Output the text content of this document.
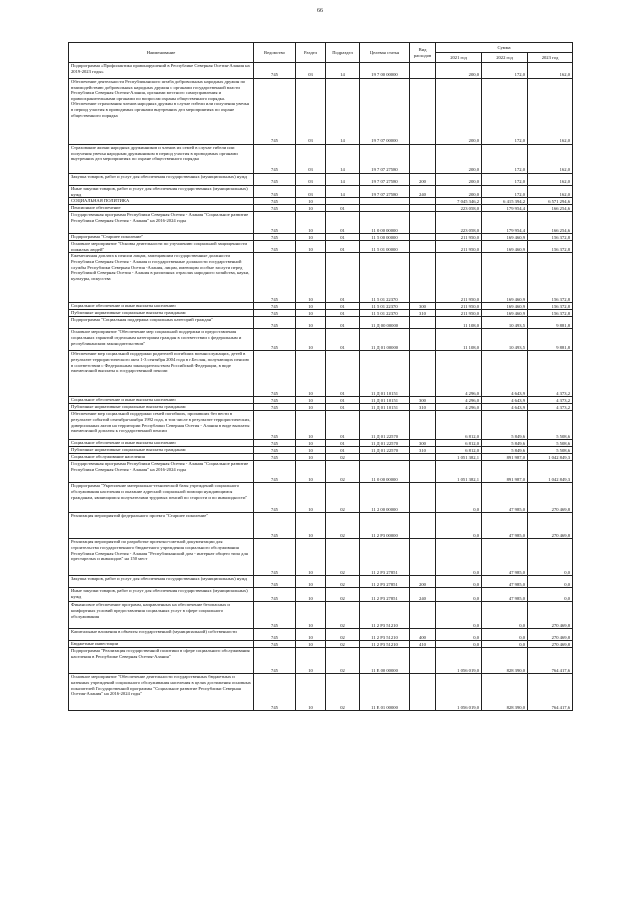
66
Наименование	Ведомство	Раздел	Подраздел	Целевая статья	Вид расходов	Сумма		
						2021 год	2022 год	2023 год
Подпрограмма «Профилактика правонарушений в Республике Северная Осетия-Алания на 2019-2023 годы»	745	03	14	19 7 00 00000		200,0	172,0	162,0
Обеспечение деятельности Республиканского штаба добровольных народных дружин по взаимодействию добровольных народных дружин с органами государственной власти Республики Северная Осетия-Алания, органами местного самоуправления и правоохранительными органами по вопросам охраны общественного порядка. Обеспечение страхования членов народных дружин в случае гибели или получения увечья в период участия в проводимых органами внутренних дел мероприятиях по охране общественного порядка	745	03	14	19 7 07 00000		200,0	172,0	162,0
Страхование жизни народных дружинников и членов их семей в случае гибели или получения увечья народным дружинником в период участия в проводимых органами внутренних дел мероприятиях по охране общественного порядка	745	03	14	19 7 07 27580		200,0	172,0	162,0
Закупка товаров, работ и услуг для обеспечения государственных (муниципальных) нужд	745	03	14	19 7 07 27580	200	200,0	172,0	162,0
Иные закупки товаров, работ и услуг для обеспечения государственных (муниципальных) нужд	745	03	14	19 7 07 27580	240	200,0	172,0	162,0
СОЦИАЛЬНАЯ ПОЛИТИКА	745	10				7 045 346,2	6 415 394,2	6 571 294,6
Пенсионное обеспечение	745	10	01			223 058,0	179 954,4	166 254,6
Государственная программа Республики Северная Осетия - Алания "Социальное развитие Республики Северная Осетия - Алания" на 2016-2024 годы	745	10	01	11 0 00 00000		223 058,0	179 954,4	166 254,6
Подпрограмма "Старшее поколение"	745	10	01	11 5 00 00000		211 950,0	169 460,9	156 372,8
Основное мероприятие "Основы деятельности по улучшению социальной защищенности пожилых людей"	745	10	01	11 5 01 00000		211 950,0	169 460,9	156 372,8
Ежемесячная доплата к пенсии лицам, замещавшим государственные должности Республики Северная Осетия - Алания и государственные должности государственной службы Республики Северная Осетия -Алания, лицам, имеющим особые заслуги перед Республикой Северная Осетия - Алания в различных отраслях народного хозяйства, науки, культуры, искусства	745	10	01	11 5 01 22370		211 950,0	169 460,9	156 372,8
Социальное обеспечение и иные выплаты населению	745	10	01	11 5 01 22370	300	211 950,0	169 460,9	156 372,8
Публичные нормативные социальные выплаты гражданам	745	10	01	11 5 01 22370	310	211 950,0	169 460,9	156 372,8
Подпрограмма "Социальная поддержка социальных категорий граждан"	745	10	01	11 Д 00 00000		11 108,0	10 493,5	9 881,8
Основное мероприятие "Обеспечение мер социальной поддержки и предоставления социальных гарантий отдельным категориям граждан в соответствии с федеральным и республиканским законодательством"	745	10	01	11 Д 01 00000		11 108,0	10 493,5	9 881,8
Обеспечение мер социальной поддержки родителей погибших военнослужащих, детей в результате террористического акта 1-3 сентября 2004 года в г.Беслан, получающих пенсию в соответствии с Федеральным законодательством Российской Федерации, в виде ежемесячной выплаты к государственной пенсии	745	10	01	11 Д 01 10151		4 296,0	4 643,9	4 373,2
Социальное обеспечение и иные выплаты населению	745	10	01	11 Д 01 10151	300	4 296,0	4 643,9	4 373,2
Публичные нормативные социальные выплаты гражданам	745	10	01	11 Д 01 10151	310	4 296,0	4 643,9	4 373,2
Обеспечение мер социальной поддержки семей погибших, пропавших без вести в результате событий сентября-ноября 1992 года, в том числе в результате террористических, диверсионных актов на территории Республики Северная Осетия - Алания в виде выплаты ежемесячной доплаты к государственной пенсии	745	10	01	11 Д 01 22570		6 812,0	5 849,6	5 508,6
Социальное обеспечение и иные выплаты населению	745	10	01	11 Д 01 22570	300	6 812,0	5 849,6	5 508,6
Публичные нормативные социальные выплаты гражданам	745	10	01	11 Д 01 22570	310	6 812,0	5 849,6	5 508,6
Социальное обслуживание населения	745	10	02			1 051 382,1	891 987,0	1 042 849,3
Государственная программа Республики Северная Осетия - Алания "Социальное развитие Республики Северная Осетия - Алания" на 2016-2024 годы	745	10	02	11 0 00 00000		1 051 382,1	891 987,0	1 042 849,3
Подпрограмма "Укрепление материально-технической базы учреждений социального обслуживания населения и оказание адресной социальной помощи нуждающимся гражданам, являющимся получателями трудовых пенсий по старости и по инвалидности"	745	10	02	11 2 00 00000		0,0	47 985,0	270 469,8
Реализация мероприятий федерального проекта "Старшее поколение"	745	10	02	11 2 P3 00000		0,0	47 985,0	270 469,8
Реализация мероприятий по разработке проектно-сметной документации для строительства государственного бюджетного учреждения социального обслуживания Республики Северная Осетия - Алания "Республиканский дом - интернат общего типа для престарелых и инвалидов" на 150 мест	745	10	02	11 2 P3 27851		0,0	47 985,0	0,0
Закупка товаров, работ и услуг для обеспечения государственных (муниципальных) нужд	745	10	02	11 2 P3 27851	200	0,0	47 985,0	0,0
Иные закупки товаров, работ и услуг для обеспечения государственных (муниципальных) нужд	745	10	02	11 2 P3 27851	240	0,0	47 985,0	0,0
Финансовое обеспечение программ, направленных на обеспечение безопасных и комфортных условий предоставления социальных услуг в сфере социального обслуживания	745	10	02	11 2 P3 51210		0,0	0,0	270 469,8
Капитальные вложения в объекты государственной (муниципальной) собственности	745	10	02	11 2 P3 51210	400	0,0	0,0	270 469,8
Бюджетные инвестиции	745	10	02	11 2 P3 51210	410	0,0	0,0	270 469,8
Подпрограмма "Реализация государственной политики в сфере социального обслуживания населения в Республике Северная Осетия-Алания"	745	10	02	11 Е 00 00000		1 056 019,0	828 390,0	764 417,6
Основное мероприятие "Обеспечение деятельности государственных бюджетных и казенных учреждений социального обслуживания населения в целях достижения основных показателей Государственной программы "Социальное развитие Республики Северная Осетия-Алания" на 2016-2024 годы"	745	10	02	11 Е 01 00000		1 056 019,0	828 390,0	764 417,6
